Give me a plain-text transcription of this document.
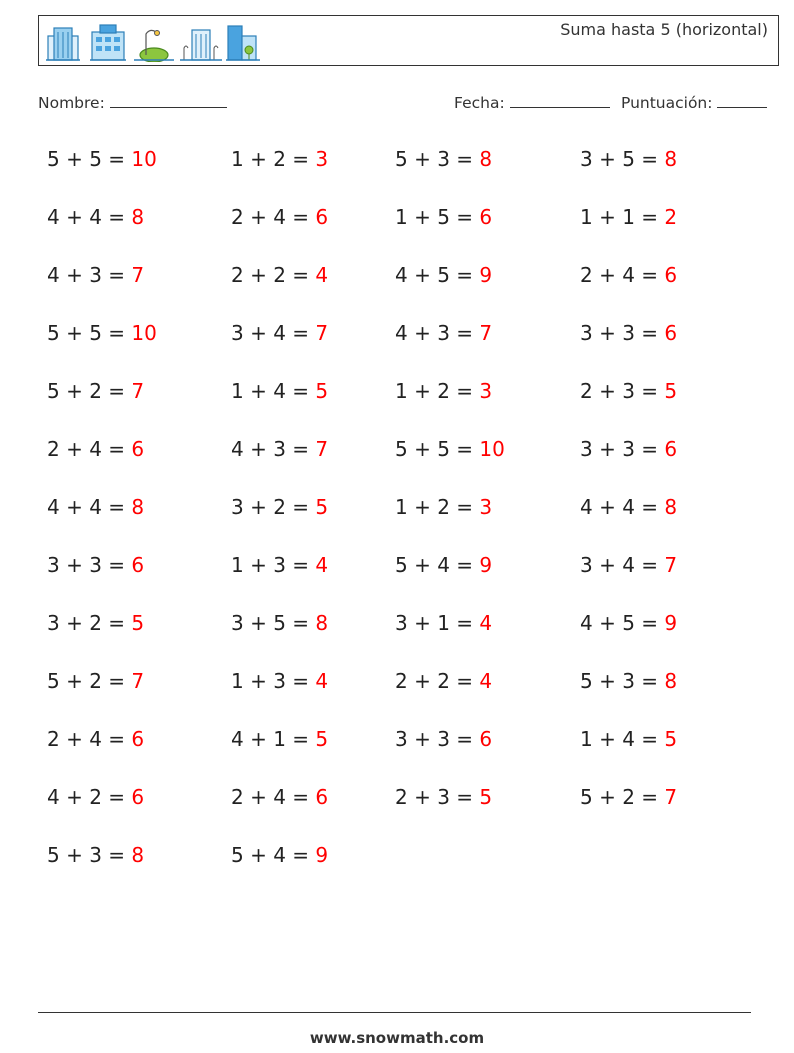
Suma hasta 5 (horizontal)
Nombre:	Fecha:	Puntuación:
5 + 5 = 10	1 + 2 = 3	5 + 3 = 8	3 + 5 = 8
4 + 4 = 8	2 + 4 = 6	1 + 5 = 6	1 + 1 = 2
4 + 3 = 7	2 + 2 = 4	4 + 5 = 9	2 + 4 = 6
5 + 5 = 10	3 + 4 = 7	4 + 3 = 7	3 + 3 = 6
5 + 2 = 7	1 + 4 = 5	1 + 2 = 3	2 + 3 = 5
2 + 4 = 6	4 + 3 = 7	5 + 5 = 10	3 + 3 = 6
4 + 4 = 8	3 + 2 = 5	1 + 2 = 3	4 + 4 = 8
3 + 3 = 6	1 + 3 = 4	5 + 4 = 9	3 + 4 = 7
3 + 2 = 5	3 + 5 = 8	3 + 1 = 4	4 + 5 = 9
5 + 2 = 7	1 + 3 = 4	2 + 2 = 4	5 + 3 = 8
2 + 4 = 6	4 + 1 = 5	3 + 3 = 6	1 + 4 = 5
4 + 2 = 6	2 + 4 = 6	2 + 3 = 5	5 + 2 = 7
5 + 3 = 8	5 + 4 = 9
www.snowmath.com
